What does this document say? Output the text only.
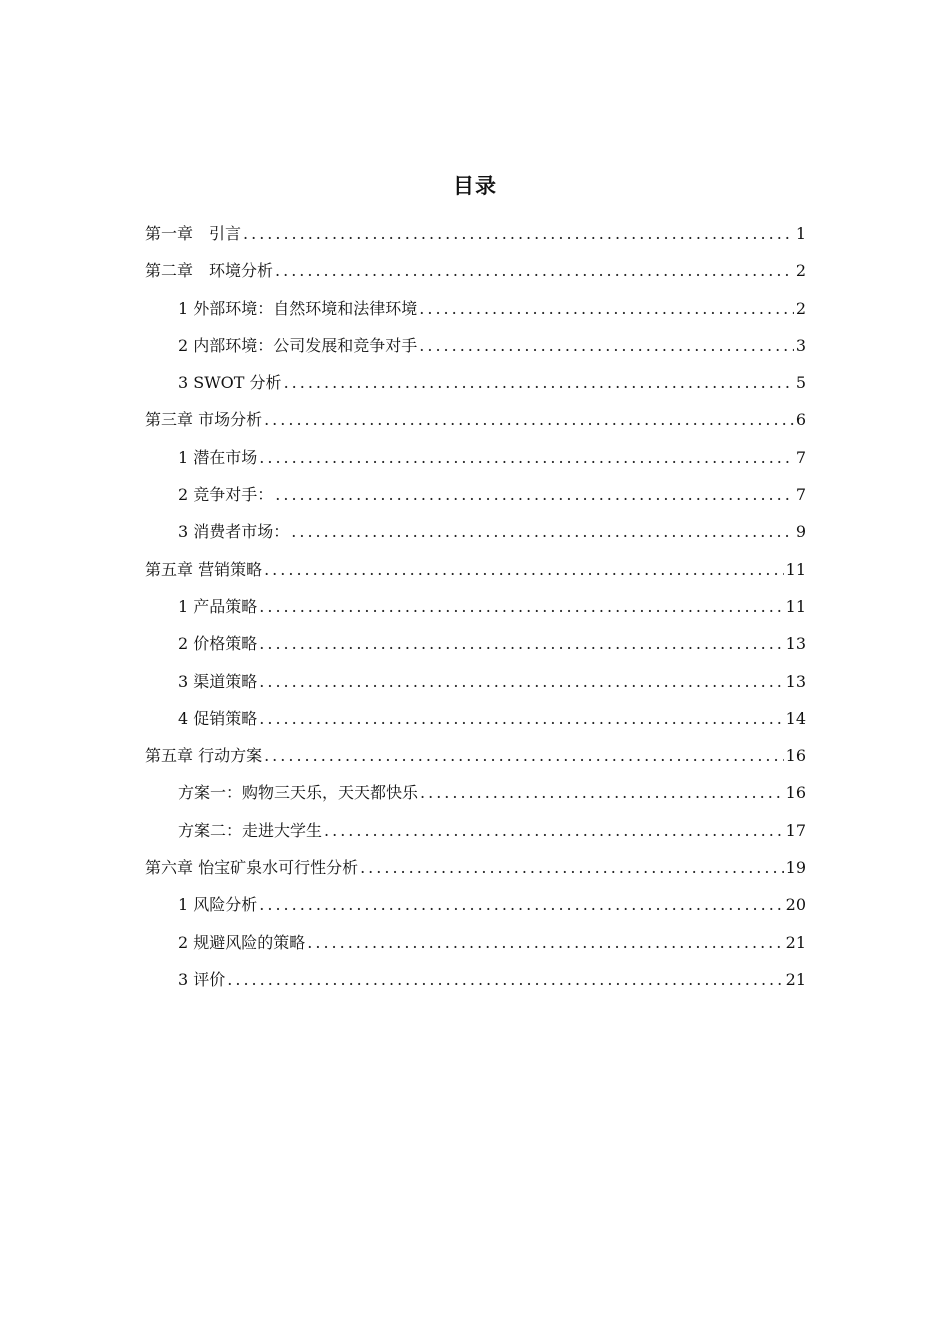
目录
第一章　引言 .....	1
第二章　环境分析 .....	2
1 外部环境：自然环境和法律环境 .....	2
2 内部环境：公司发展和竞争对手 .....	3
3 SWOT 分析 .....	5
第三章 市场分析 .....	6
1 潜在市场 .....	7
2 竞争对手： .....	7
3 消费者市场： .....	9
第五章 营销策略 .....	11
1 产品策略 .....	11
2 价格策略 .....	13
3 渠道策略 .....	13
4 促销策略 .....	14
第五章 行动方案 .....	16
方案一：购物三天乐，天天都快乐 .....	16
方案二：走进大学生 .....	17
第六章 怡宝矿泉水可行性分析 .....	19
1 风险分析 .....	20
2 规避风险的策略 .....	21
3 评价 .....	21
